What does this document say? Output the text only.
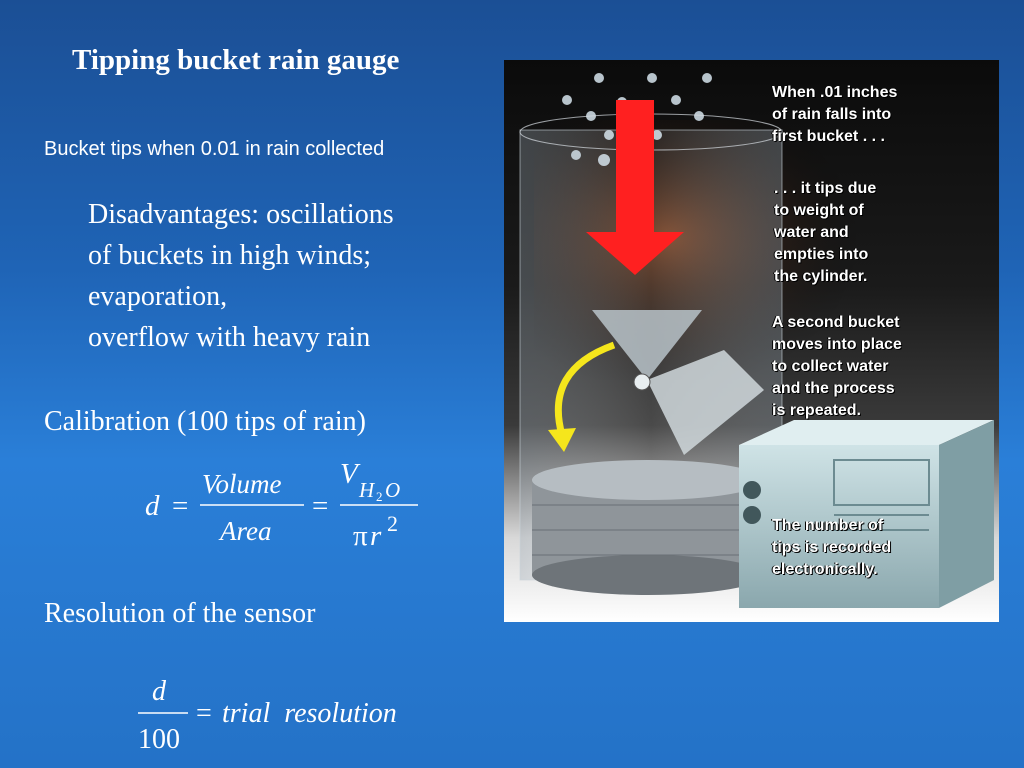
Tipping bucket rain gauge
Bucket tips when 0.01 in rain collected
Disadvantages: oscillations
of buckets in high winds;
evaporation,
overflow with heavy rain
Calibration (100 tips of rain)
d =
Volume
Area
=
V H 2 O
π r 2
Resolution of the sensor
d
100
= trial  resolution
When .01 inches
of rain falls into
first bucket . . .
. . . it tips due
to weight of
water and
empties into
the cylinder.
A second bucket
moves into place
to collect water
and the process
is repeated.
The number of
tips is recorded
electronically.
